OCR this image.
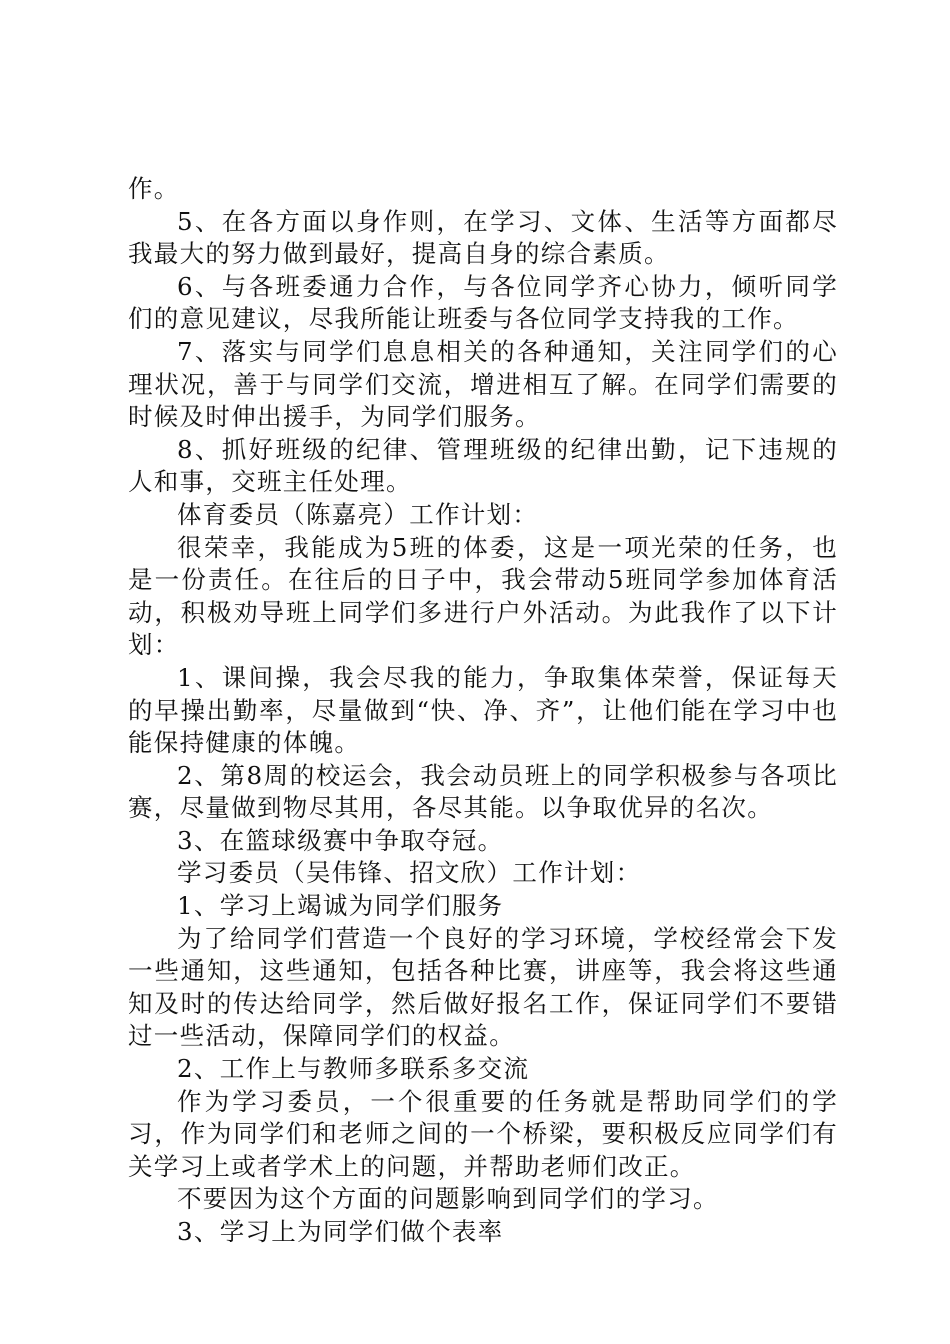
作。

5、在各方面以身作则，在学习、文体、生活等方面都尽我最大的努力做到最好，提高自身的综合素质。

6、与各班委通力合作，与各位同学齐心协力，倾听同学们的意见建议，尽我所能让班委与各位同学支持我的工作。

7、落实与同学们息息相关的各种通知，关注同学们的心理状况，善于与同学们交流，增进相互了解。在同学们需要的时候及时伸出援手，为同学们服务。

8、抓好班级的纪律、管理班级的纪律出勤，记下违规的人和事，交班主任处理。

体育委员（陈嘉亮）工作计划：

很荣幸，我能成为5班的体委，这是一项光荣的任务，也是一份责任。在往后的日子中，我会带动5班同学参加体育活动，积极劝导班上同学们多进行户外活动。为此我作了以下计划：

1、课间操，我会尽我的能力，争取集体荣誉，保证每天的早操出勤率，尽量做到“快、净、齐”，让他们能在学习中也能保持健康的体魄。

2、第8周的校运会，我会动员班上的同学积极参与各项比赛，尽量做到物尽其用，各尽其能。以争取优异的名次。

3、在篮球级赛中争取夺冠。

学习委员（吴伟锋、招文欣）工作计划：

1、学习上竭诚为同学们服务

为了给同学们营造一个良好的学习环境，学校经常会下发一些通知，这些通知，包括各种比赛，讲座等，我会将这些通知及时的传达给同学，然后做好报名工作，保证同学们不要错过一些活动，保障同学们的权益。

2、工作上与教师多联系多交流

作为学习委员，一个很重要的任务就是帮助同学们的学习，作为同学们和老师之间的一个桥梁，要积极反应同学们有关学习上或者学术上的问题，并帮助老师们改正。

不要因为这个方面的问题影响到同学们的学习。

3、学习上为同学们做个表率
